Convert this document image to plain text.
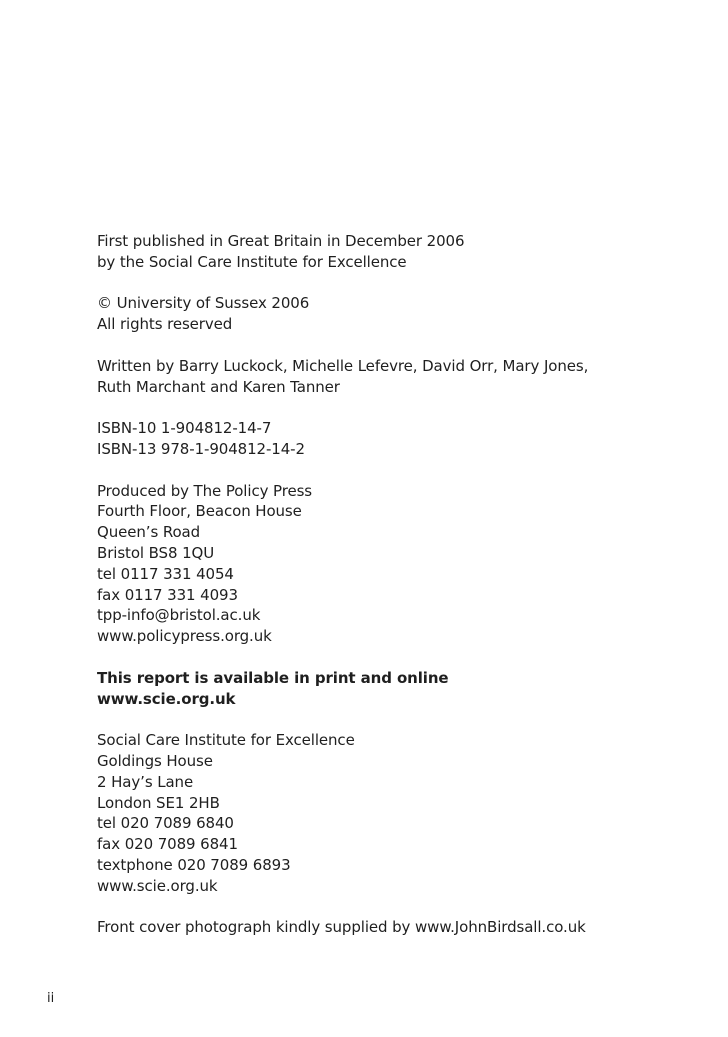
First published in Great Britain in December 2006
by the Social Care Institute for Excellence
© University of Sussex 2006
All rights reserved
Written by Barry Luckock, Michelle Lefevre, David Orr, Mary Jones,
Ruth Marchant and Karen Tanner
ISBN-10 1-904812-14-7
ISBN-13 978-1-904812-14-2
Produced by The Policy Press
Fourth Floor, Beacon House
Queen’s Road
Bristol BS8 1QU
tel 0117 331 4054
fax 0117 331 4093
tpp-info@bristol.ac.uk
www.policypress.org.uk
This report is available in print and online
www.scie.org.uk
Social Care Institute for Excellence
Goldings House
2 Hay’s Lane
London SE1 2HB
tel 020 7089 6840
fax 020 7089 6841
textphone 020 7089 6893
www.scie.org.uk
Front cover photograph kindly supplied by www.JohnBirdsall.co.uk
ii
